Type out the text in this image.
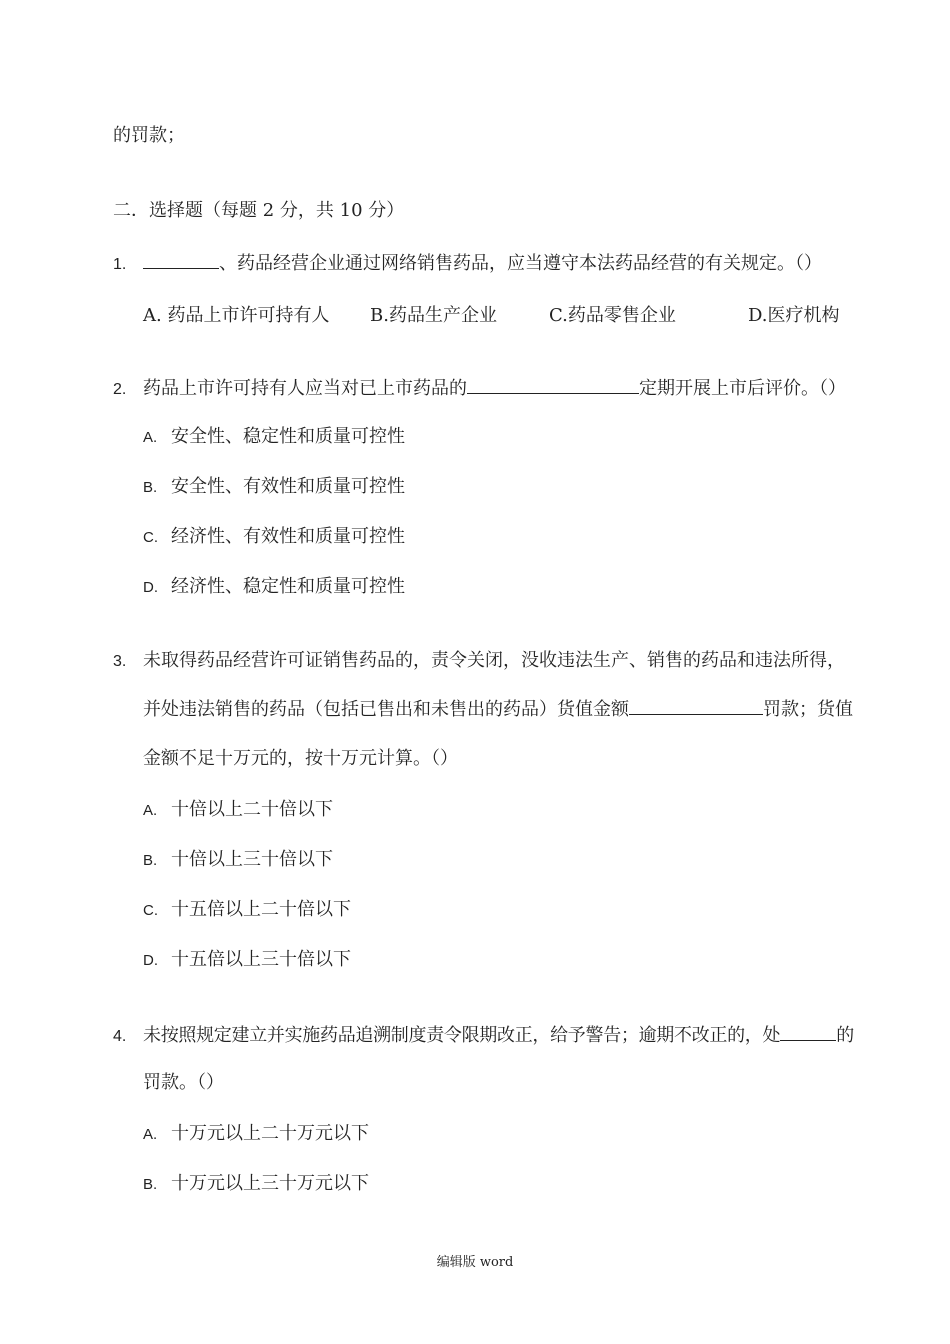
的罚款；
二．选择题（每题 2 分，共 10 分）
1.	、药品经营企业通过网络销售药品，应当遵守本法药品经营的有关规定。（）
A. 药品上市许可持有人 B.药品生产企业	C.药品零售企业	D.医疗机构
2. 药品上市许可持有人应当对已上市药品的	定期开展上市后评价。（）
A. 安全性、稳定性和质量可控性
B. 安全性、有效性和质量可控性
C. 经济性、有效性和质量可控性
D. 经济性、稳定性和质量可控性
3. 未取得药品经营许可证销售药品的，责令关闭，没收违法生产、销售的药品和违法所得，
并处违法销售的药品（包括已售出和未售出的药品）货值金额	罚款；货值
金额不足十万元的，按十万元计算。（）
A. 十倍以上二十倍以下
B. 十倍以上三十倍以下
C. 十五倍以上二十倍以下
D. 十五倍以上三十倍以下
4. 未按照规定建立并实施药品追溯制度责令限期改正，给予警告；逾期不改正的，处	的
罚款。（）
A. 十万元以上二十万元以下
B. 十万元以上三十万元以下
编辑版 word
